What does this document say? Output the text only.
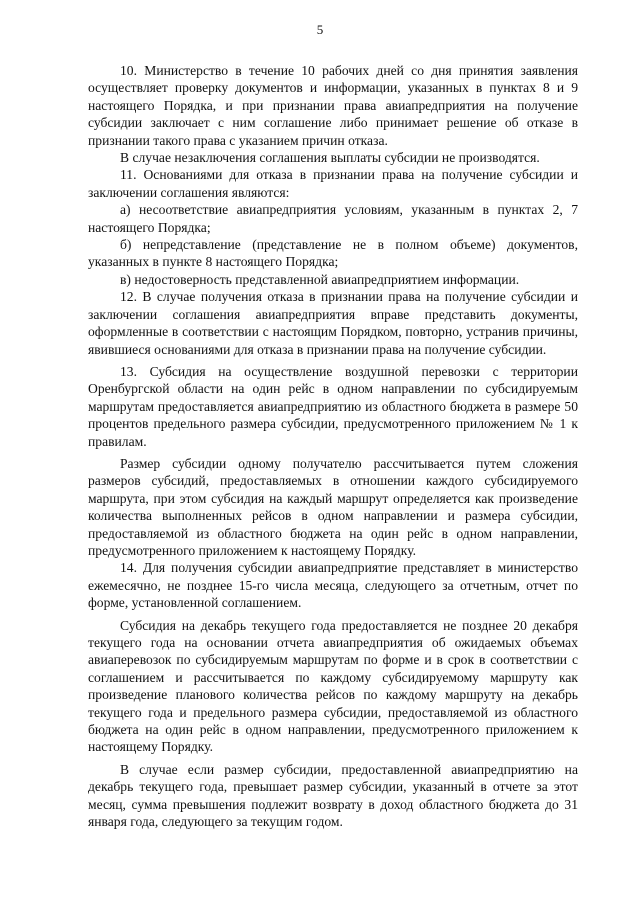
5

10. Министерство в течение 10 рабочих дней со дня принятия заявления осуществляет проверку документов и информации, указанных в пунктах 8 и 9 настоящего Порядка, и при признании права авиапредприятия на получение субсидии заключает с ним соглашение либо принимает решение об отказе в признании такого права с указанием причин отказа.

В случае незаключения соглашения выплаты субсидии не производятся.

11. Основаниями для отказа в признании права на получение субсидии и заключении соглашения являются:

а) несоответствие авиапредприятия условиям, указанным в пунктах 2, 7 настоящего Порядка;

б) непредставление (представление не в полном объеме) документов, указанных в пункте 8 настоящего Порядка;

в) недостоверность представленной авиапредприятием информации.

12. В случае получения отказа в признании права на получение субсидии и заключении соглашения авиапредприятия вправе представить документы, оформленные в соответствии с настоящим Порядком, повторно, устранив причины, явившиеся основаниями для отказа в признании права на получение субсидии.

13. Субсидия на осуществление воздушной перевозки с территории Оренбургской области на один рейс в одном направлении по субсидируемым маршрутам предоставляется авиапредприятию из областного бюджета в размере 50 процентов предельного размера субсидии, предусмотренного приложением № 1 к правилам.

Размер субсидии одному получателю рассчитывается путем сложения размеров субсидий, предоставляемых в отношении каждого субсидируемого маршрута, при этом субсидия на каждый маршрут определяется как произведение количества выполненных рейсов в одном направлении и размера субсидии, предоставляемой из областного бюджета на один рейс в одном направлении, предусмотренного приложением к настоящему Порядку.

14. Для получения субсидии авиапредприятие представляет в министерство ежемесячно, не позднее 15-го числа месяца, следующего за отчетным, отчет по форме, установленной соглашением.

Субсидия на декабрь текущего года предоставляется не позднее 20 декабря текущего года на основании отчета авиапредприятия об ожидаемых объемах авиаперевозок по субсидируемым маршрутам по форме и в срок в соответствии с соглашением и рассчитывается по каждому субсидируемому маршруту как произведение планового количества рейсов по каждому маршруту на декабрь текущего года и предельного размера субсидии, предоставляемой из областного бюджета на один рейс в одном направлении, предусмотренного приложением к настоящему Порядку.

В случае если размер субсидии, предоставленной авиапредприятию на декабрь текущего года, превышает размер субсидии, указанный в отчете за этот месяц, сумма превышения подлежит возврату в доход областного бюджета до 31 января года, следующего за текущим годом.
